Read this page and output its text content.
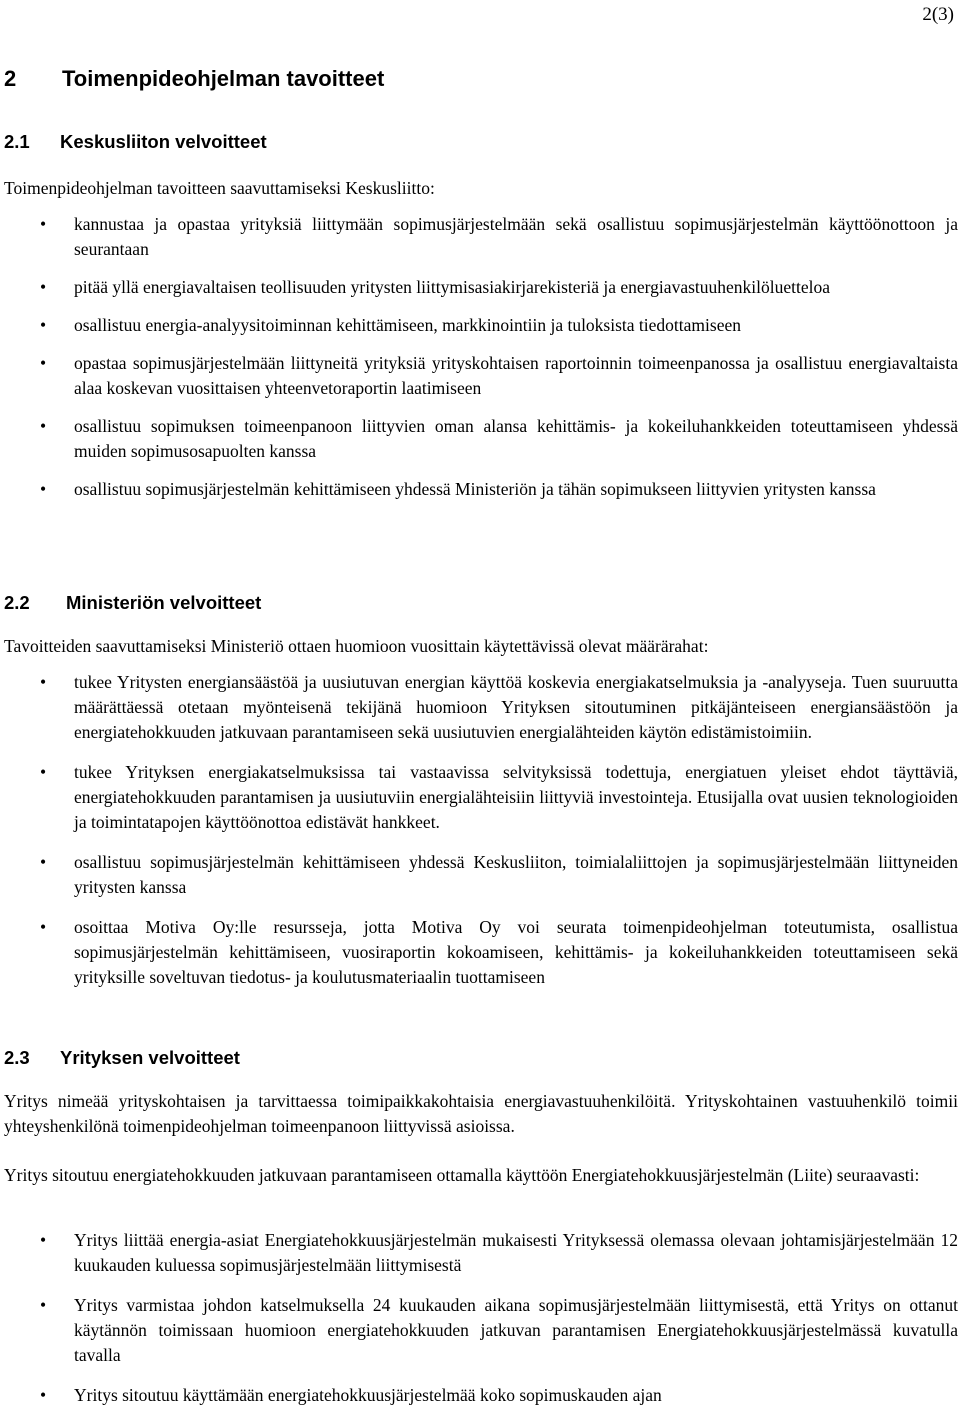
2(3)
2 Toimenpideohjelman tavoitteet
2.1 Keskusliiton velvoitteet

Toimenpideohjelman tavoitteen saavuttamiseksi Keskusliitto:

• kannustaa ja opastaa yrityksiä liittymään sopimusjärjestelmään sekä osallistuu sopimusjärjestelmän käyttöönottoon ja seurantaan
• pitää yllä energiavaltaisen teollisuuden yritysten liittymisasiakirjarekisteriä ja energiavastuuhenkilöluetteloa
• osallistuu energia-analyysitoiminnan kehittämiseen, markkinointiin ja tuloksista tiedottamiseen
• opastaa sopimusjärjestelmään liittyneitä yrityksiä yrityskohtaisen raportoinnin toimeenpanossa ja osallistuu energiavaltaista alaa koskevan vuosittaisen yhteenvetoraportin laatimiseen
• osallistuu sopimuksen toimeenpanoon liittyvien oman alansa kehittämis- ja kokeiluhankkeiden toteuttamiseen yhdessä muiden sopimusosapuolten kanssa
• osallistuu sopimusjärjestelmän kehittämiseen yhdessä Ministeriön ja tähän sopimukseen liittyvien yritysten kanssa
2.2 Ministeriön velvoitteet

Tavoitteiden saavuttamiseksi Ministeriö ottaen huomioon vuosittain käytettävissä olevat määrärahat:

• tukee Yritysten energiansäästöä ja uusiutuvan energian käyttöä koskevia energiakatselmuksia ja -analyyseja. Tuen suuruutta määrättäessä otetaan myönteisenä tekijänä huomioon Yrityksen sitoutuminen pitkäjänteiseen energiansäästöön ja energiatehokkuuden jatkuvaan parantamiseen sekä uusiutuvien energialähteiden käytön edistämistoimiin.
• tukee Yrityksen energiakatselmuksissa tai vastaavissa selvityksissä todettuja, energiatuen yleiset ehdot täyttäviä, energiatehokkuuden parantamisen ja uusiutuviin energialähteisiin liittyviä investointeja. Etusijalla ovat uusien teknologioiden ja toimintatapojen käyttöönottoa edistävät hankkeet.
• osallistuu sopimusjärjestelmän kehittämiseen yhdessä Keskusliiton, toimialaliittojen ja sopimusjärjestelmään liittyneiden yritysten kanssa
• osoittaa Motiva Oy:lle resursseja, jotta Motiva Oy voi seurata toimenpideohjelman toteutumista, osallistua sopimusjärjestelmän kehittämiseen, vuosiraportin kokoamiseen, kehittämis- ja kokeiluhankkeiden toteuttamiseen sekä yrityksille soveltuvan tiedotus- ja koulutusmateriaalin tuottamiseen
2.3 Yrityksen velvoitteet

Yritys nimeää yrityskohtaisen ja tarvittaessa toimipaikkakohtaisia energiavastuuhenkilöitä. Yrityskohtainen vastuuhenkilö toimii yhteyshenkilönä toimenpideohjelman toimeenpanoon liittyvissä asioissa.

Yritys sitoutuu energiatehokkuuden jatkuvaan parantamiseen ottamalla käyttöön Energiatehokkuusjärjestelmän (Liite) seuraavasti:

• Yritys liittää energia-asiat Energiatehokkuusjärjestelmän mukaisesti Yrityksessä olemassa olevaan johtamisjärjestelmään 12 kuukauden kuluessa sopimusjärjestelmään liittymisestä
• Yritys varmistaa johdon katselmuksella 24 kuukauden aikana sopimusjärjestelmään liittymisestä, että Yritys on ottanut käytännön toimissaan huomioon energiatehokkuuden jatkuvan parantamisen Energiatehokkuusjärjestelmässä kuvatulla tavalla
• Yritys sitoutuu käyttämään energiatehokkuusjärjestelmää koko sopimuskauden ajan
